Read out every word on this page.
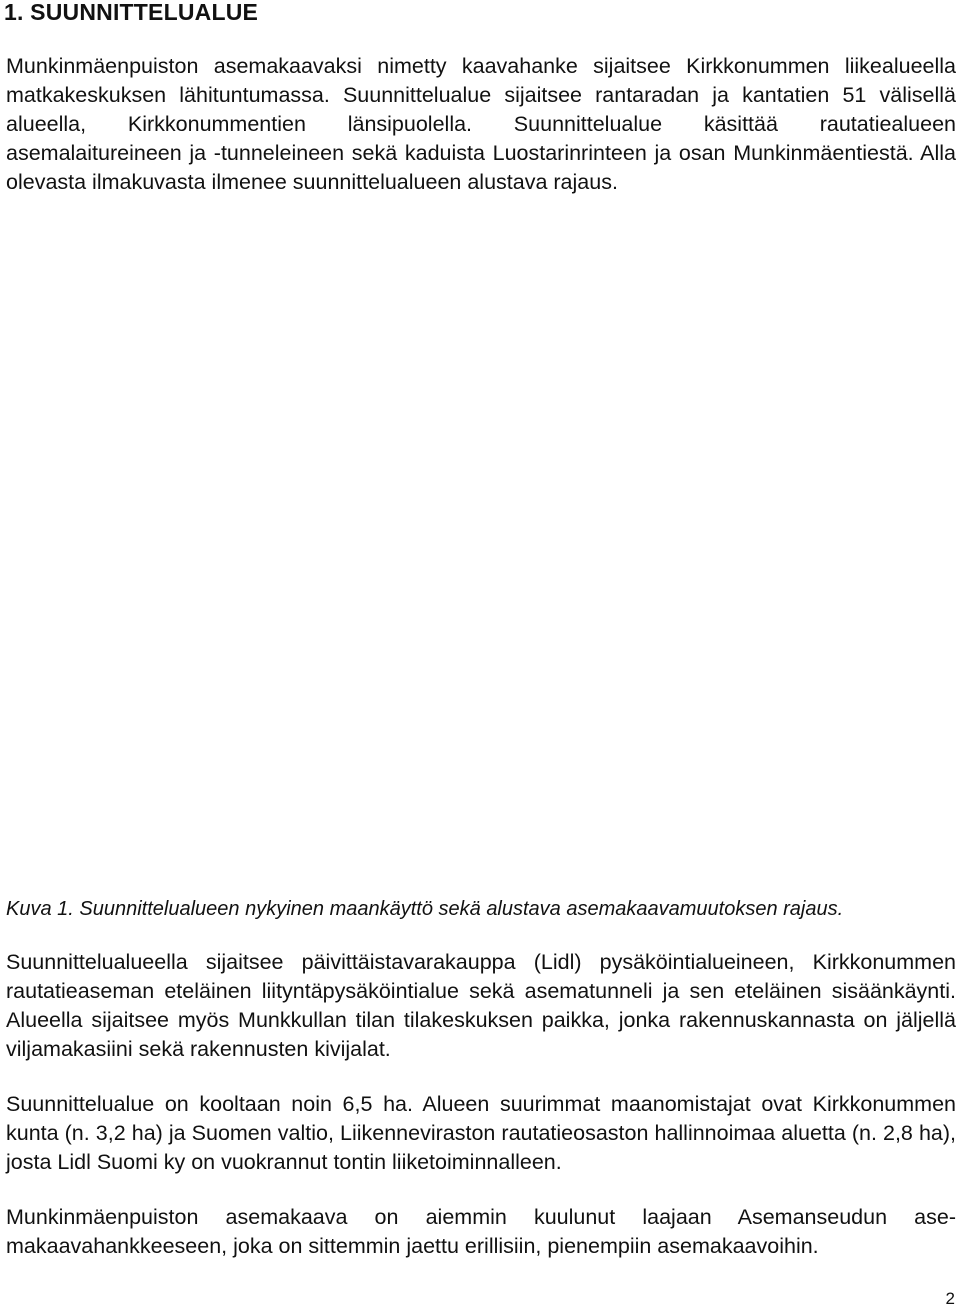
1. SUUNNITTELUALUE

Munkinmäenpuiston asemakaavaksi nimetty kaavahanke sijaitsee Kirkkonummen liikealueella matkakeskuksen lähituntumassa. Suunnittelualue sijaitsee rantaradan ja kantatien 51 välisellä alueella, Kirkkonummentien länsipuolella. Suunnittelualue käsittää rautatiealueen asemalaitureineen ja -tunneleineen sekä kaduista Luostarinrinteen ja osan Munkinmäentiestä. Alla olevasta ilmakuvasta ilmenee suunnittelualueen alustava rajaus.

Kuva 1. Suunnittelualueen nykyinen maankäyttö sekä alustava asemakaavamuutoksen rajaus.

Suunnittelualueella sijaitsee päivittäistavarakauppa (Lidl) pysäköintialueineen, Kirkkonummen rautatieaseman eteläinen liityntäpysäköintialue sekä asematunneli ja sen eteläinen sisäänkäynti. Alueella sijaitsee myös Munkkullan tilan tilakeskuksen paikka, jonka rakennuskannasta on jäljellä viljamakasiini sekä rakennusten kivijalat.

Suunnittelualue on kooltaan noin 6,5 ha. Alueen suurimmat maanomistajat ovat Kirkkonummen kunta (n. 3,2 ha) ja Suomen valtio, Liikenneviraston rautatieosaston hallinnoimaa aluetta (n. 2,8 ha), josta Lidl Suomi ky on vuokrannut tontin liiketoiminnalleen.

Munkinmäenpuiston asemakaava on aiemmin kuulunut laajaan Asemanseudun asemakaavahankkeeseen, joka on sittemmin jaettu erillisiin, pienempiin asemakaavoihin.

2
